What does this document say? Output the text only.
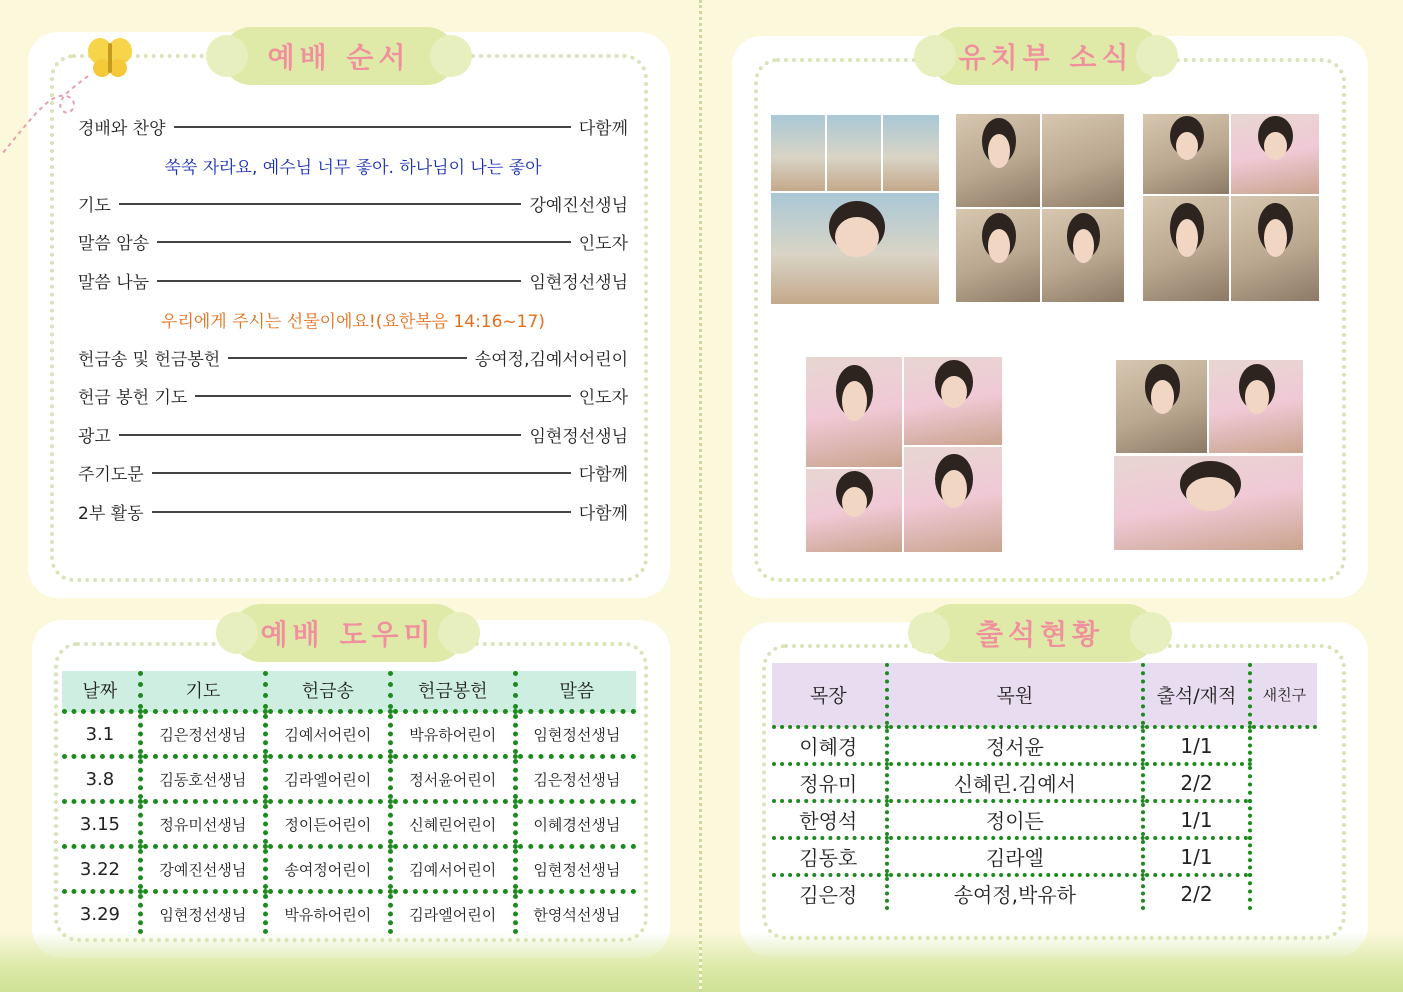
예배 순서
경배와 찬양	다함께
쑥쑥 자라요, 예수님 너무 좋아. 하나님이 나는 좋아
기도	강예진선생님
말씀 암송	인도자
말씀 나눔	임현정선생님
우리에게 주시는 선물이에요!(요한복음 14:16~17)
헌금송 및 헌금봉헌	송여정,김예서어린이
헌금 봉헌 기도	인도자
광고	임현정선생님
주기도문	다함께
2부 활동	다함께
유치부 소식
예배 도우미
날짜	기도	헌금송	헌금봉헌	말씀
3.1	김은정선생님	김예서어린이	박유하어린이	임현정선생님
3.8	김동호선생님	김라엘어린이	정서윤어린이	김은정선생님
3.15	정유미선생님	정이든어린이	신혜린어린이	이혜경선생님
3.22	강예진선생님	송여정어린이	김예서어린이	임현정선생님
3.29	임현정선생님	박유하어린이	김라엘어린이	한영석선생님
출석현황
목장	목원	출석/재적	새친구
이혜경	정서윤	1/1	
정유미	신혜린.김예서	2/2	
한영석	정이든	1/1	
김동호	김라엘	1/1	
김은정	송여정,박유하	2/2	
